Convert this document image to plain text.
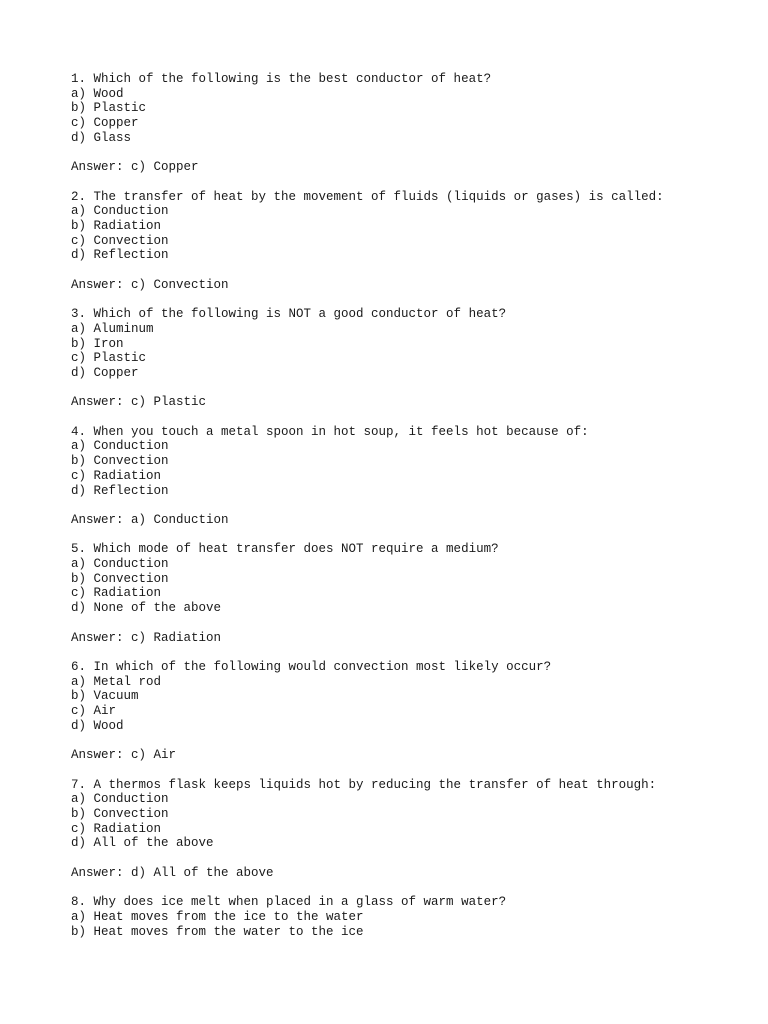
1. Which of the following is the best conductor of heat?

a) Wood

b) Plastic

c) Copper

d) Glass

Answer: c) Copper

2. The transfer of heat by the movement of fluids (liquids or gases) is called:

a) Conduction

b) Radiation

c) Convection

d) Reflection

Answer: c) Convection

3. Which of the following is NOT a good conductor of heat?

a) Aluminum

b) Iron

c) Plastic

d) Copper

Answer: c) Plastic

4. When you touch a metal spoon in hot soup, it feels hot because of:

a) Conduction

b) Convection

c) Radiation

d) Reflection

Answer: a) Conduction

5. Which mode of heat transfer does NOT require a medium?

a) Conduction

b) Convection

c) Radiation

d) None of the above

Answer: c) Radiation

6. In which of the following would convection most likely occur?

a) Metal rod

b) Vacuum

c) Air

d) Wood

Answer: c) Air

7. A thermos flask keeps liquids hot by reducing the transfer of heat through:

a) Conduction

b) Convection

c) Radiation

d) All of the above

Answer: d) All of the above

8. Why does ice melt when placed in a glass of warm water?

a) Heat moves from the ice to the water

b) Heat moves from the water to the ice
